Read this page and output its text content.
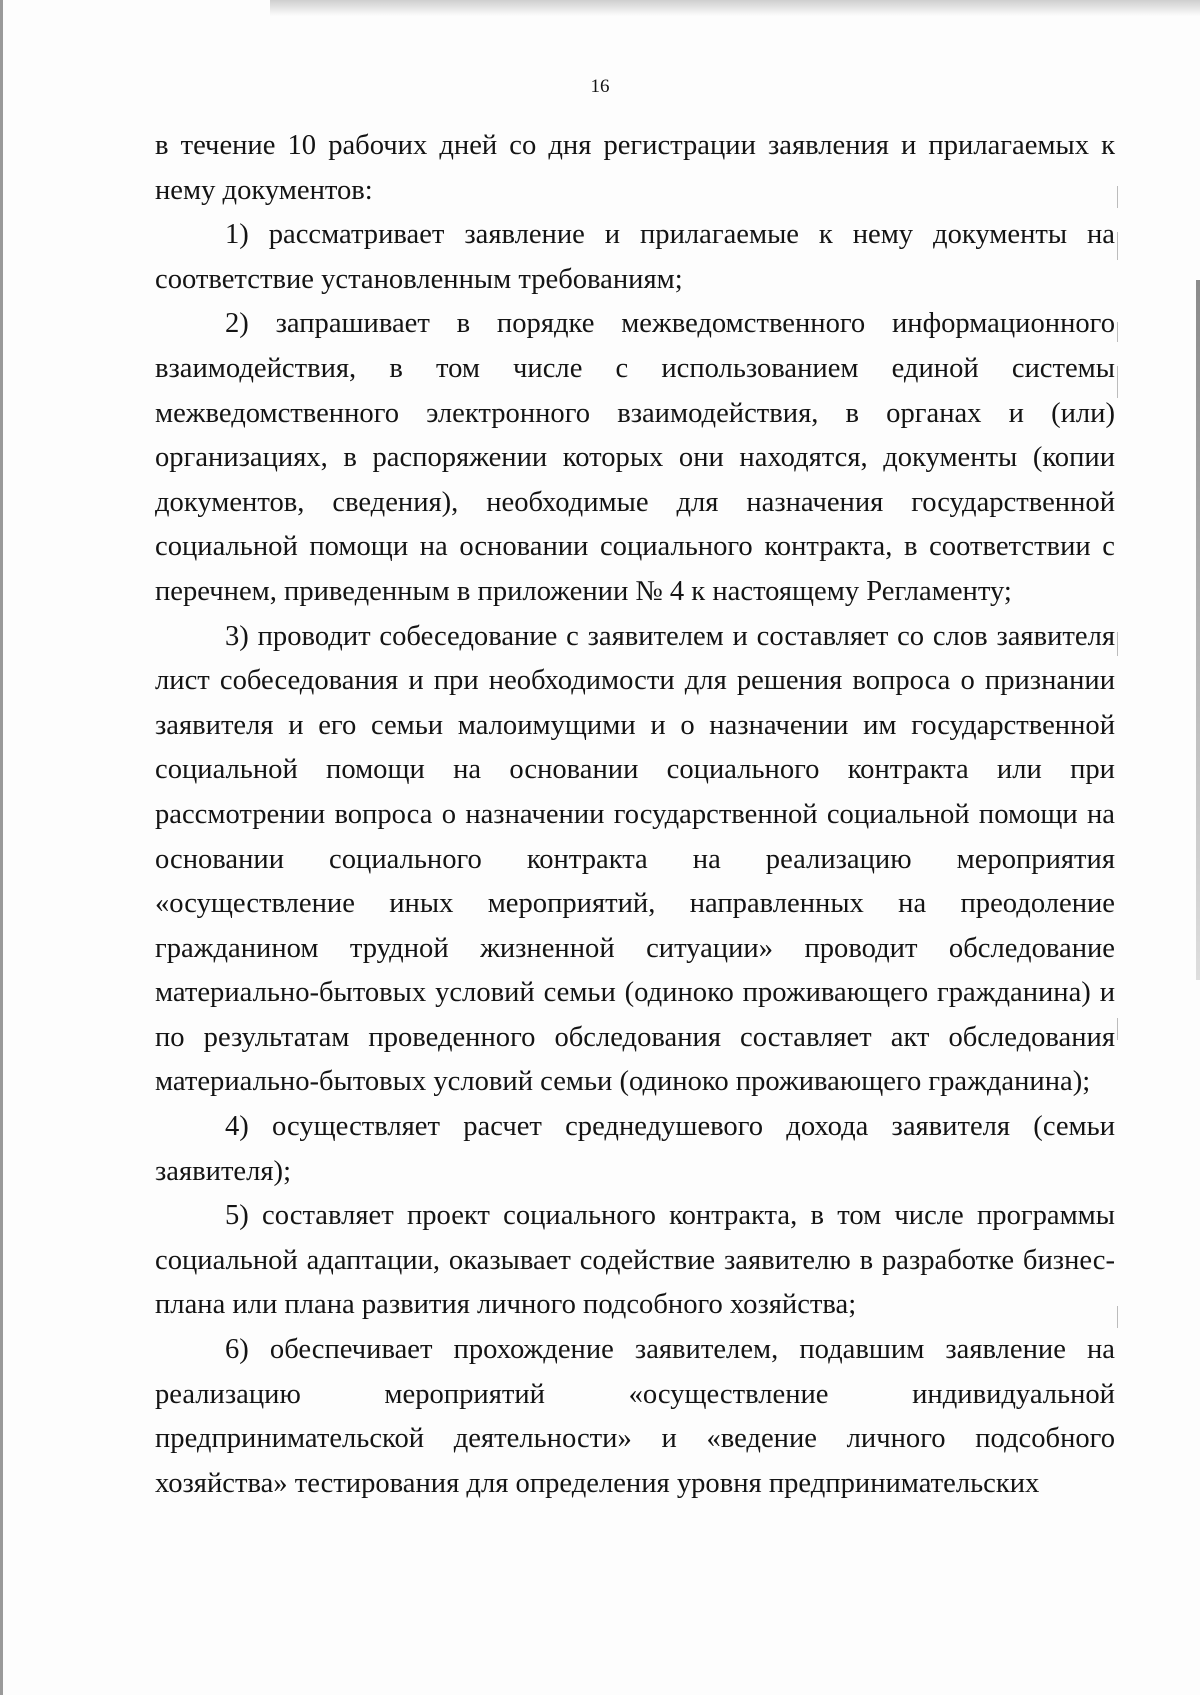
16

в течение 10 рабочих дней со дня регистрации заявления и прилагаемых к нему документов:

1) рассматривает заявление и прилагаемые к нему документы на соответствие установленным требованиям;

2) запрашивает в порядке межведомственного информационного взаимодействия, в том числе с использованием единой системы межведомственного электронного взаимодействия, в органах и (или) организациях, в распоряжении которых они находятся, документы (копии документов, сведения), необходимые для назначения государственной социальной помощи на основании социального контракта, в соответствии с перечнем, приведенным в приложении № 4 к настоящему Регламенту;

3) проводит собеседование с заявителем и составляет со слов заявителя лист собеседования и при необходимости для решения вопроса о признании заявителя и его семьи малоимущими и о назначении им государственной социальной помощи на основании социального контракта или при рассмотрении вопроса о назначении государственной социальной помощи на основании социального контракта на реализацию мероприятия «осуществление иных мероприятий, направленных на преодоление гражданином трудной жизненной ситуации» проводит обследование материально-бытовых условий семьи (одиноко проживающего гражданина) и по результатам проведенного обследования составляет акт обследования материально-бытовых условий семьи (одиноко проживающего гражданина);

4) осуществляет расчет среднедушевого дохода заявителя (семьи заявителя);

5) составляет проект социального контракта, в том числе программы социальной адаптации, оказывает содействие заявителю в разработке бизнес-плана или плана развития личного подсобного хозяйства;

6) обеспечивает прохождение заявителем, подавшим заявление на реализацию мероприятий «осуществление индивидуальной предпринимательской деятельности» и «ведение личного подсобного хозяйства» тестирования для определения уровня предпринимательских
